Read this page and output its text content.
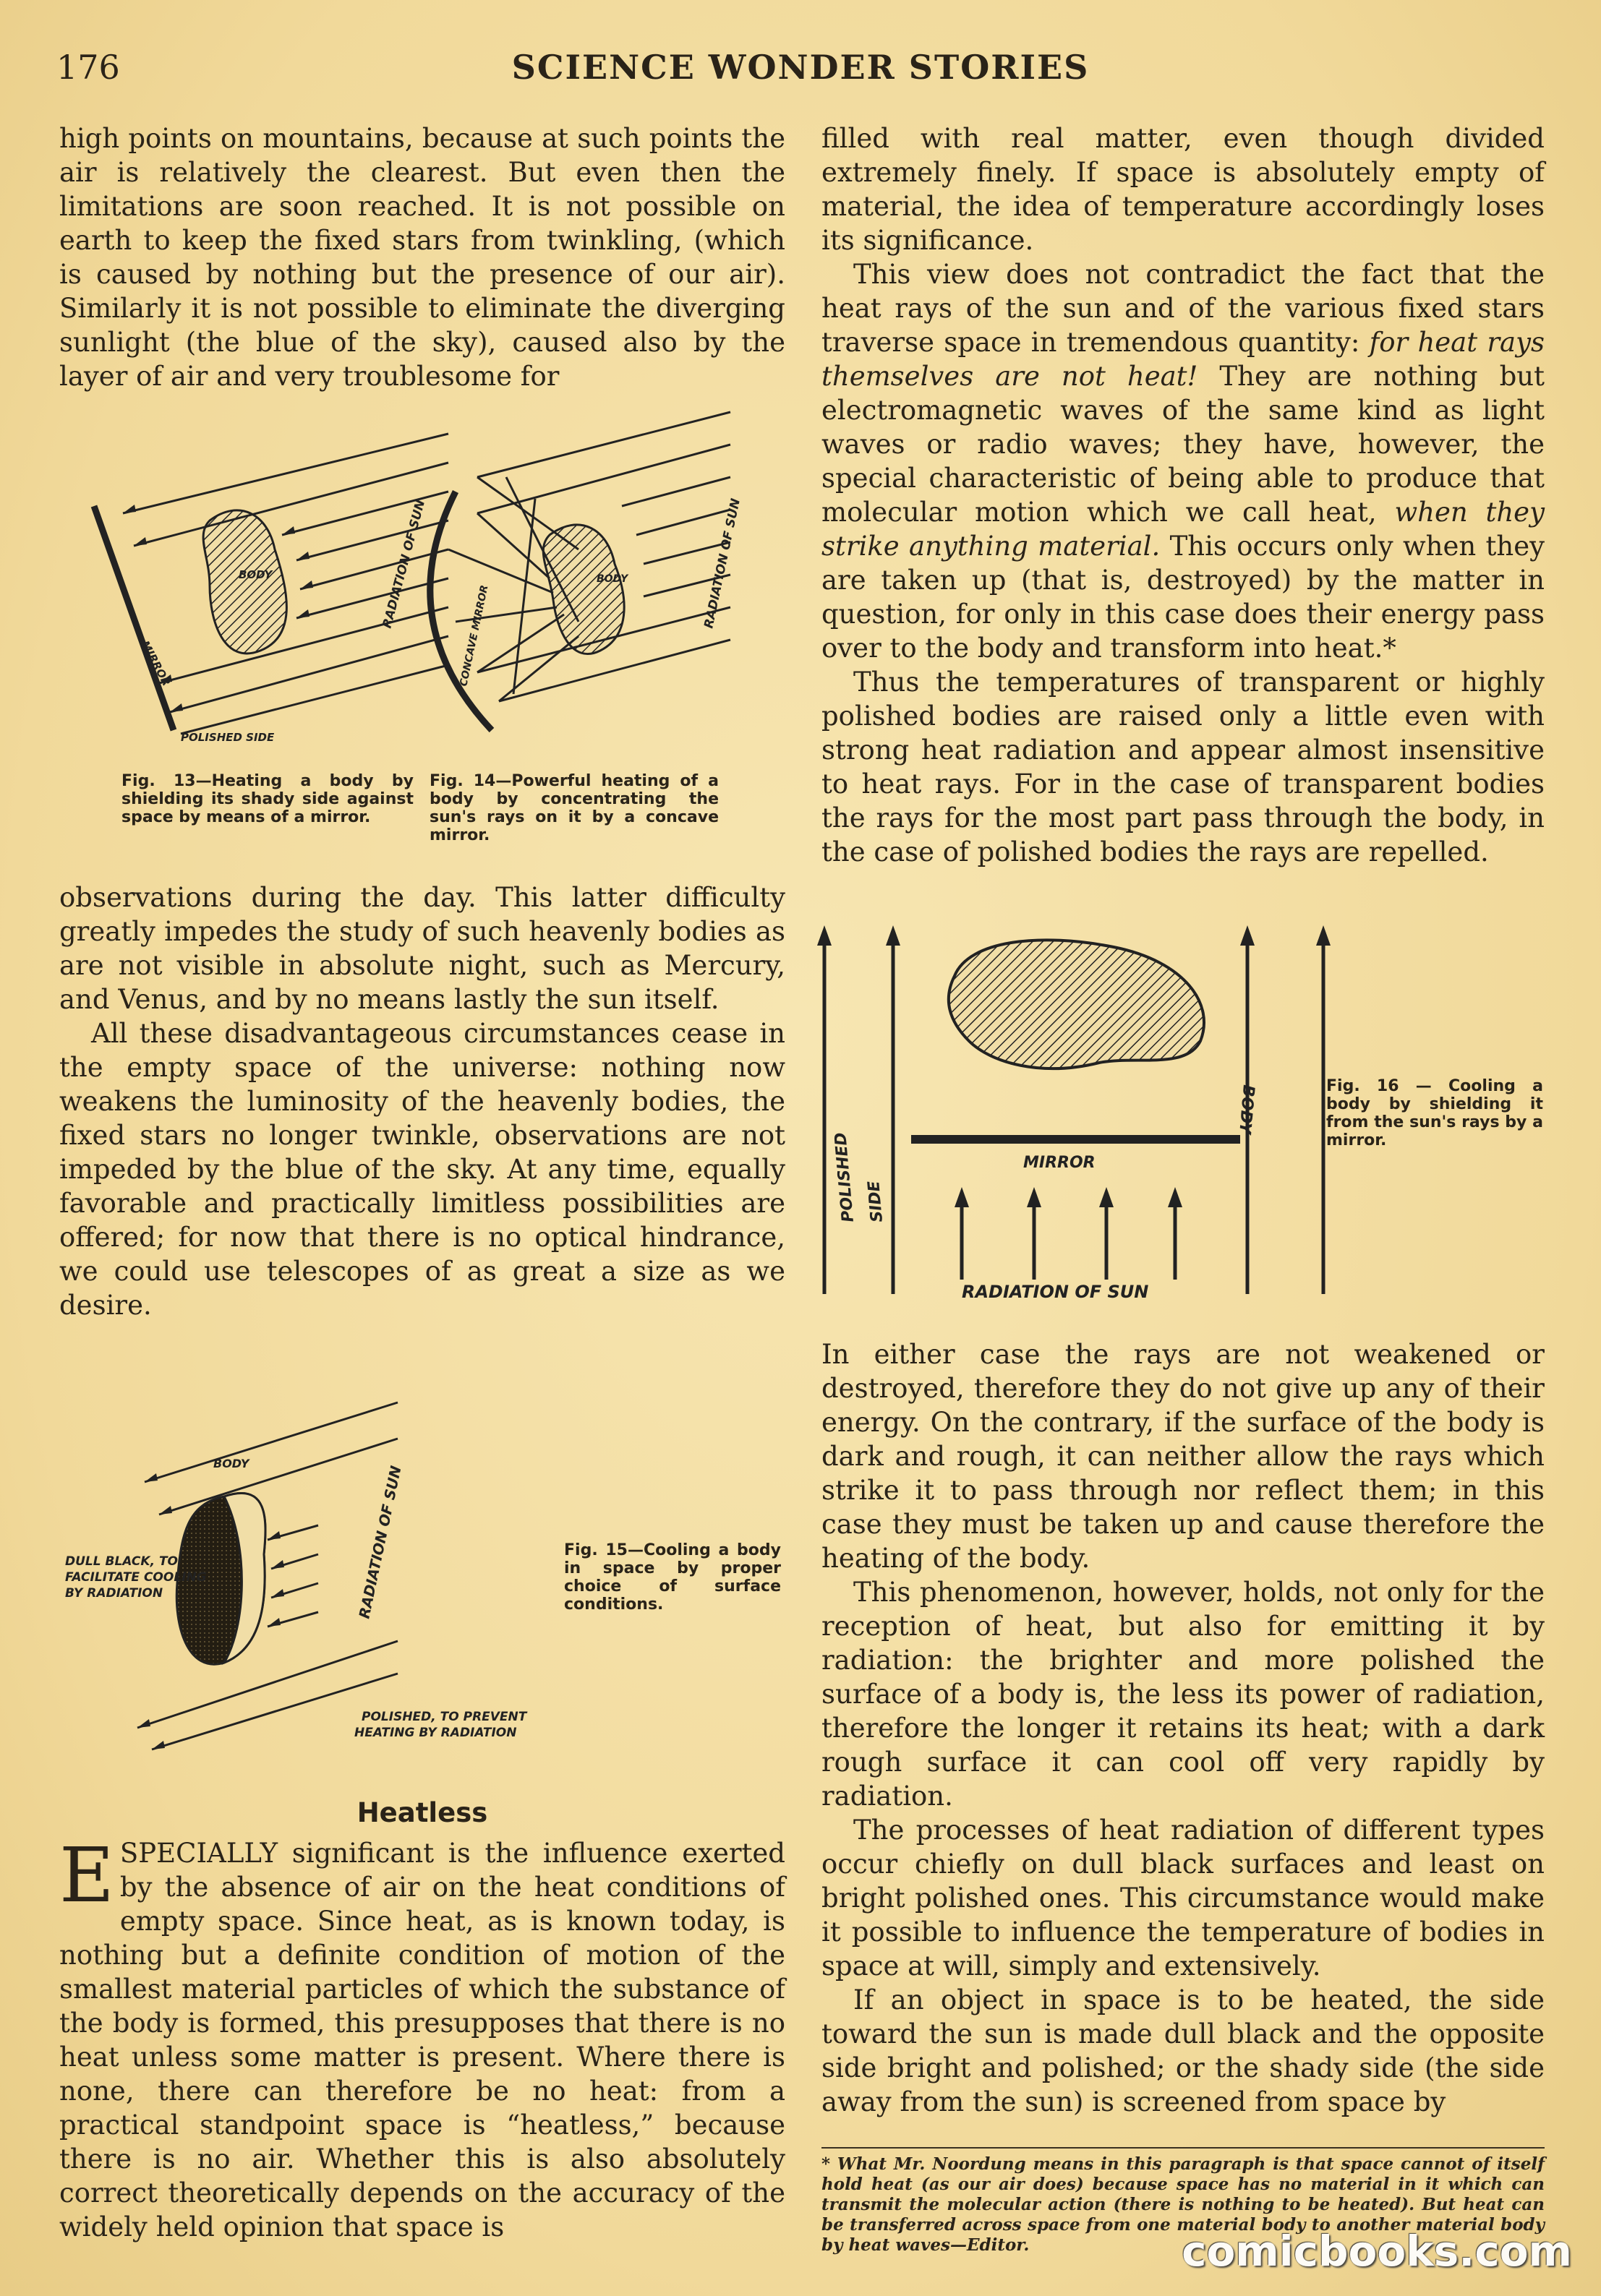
176	SCIENCE WONDER STORIES

high points on mountains, because at such points the air is relatively the clearest. But even then the limitations are soon reached. It is not possible on earth to keep the fixed stars from twinkling, (which is caused by nothing but the presence of our air). Similarly it is not possible to eliminate the diverging sunlight (the blue of the sky), caused also by the layer of air and very troublesome for

BODY
MIRROR
POLISHED SIDE
RADIATION OF SUN	BODY
CONCAVE MIRROR
RADIATION OF SUN
Fig. 13—Heating a body by shielding its shady side against space by means of a mirror.
Fig. 14—Powerful heating of a body by concentrating the sun's rays on it by a concave mirror.

observations during the day. This latter difficulty greatly impedes the study of such heavenly bodies as are not visible in absolute night, such as Mercury, and Venus, and by no means lastly the sun itself.

All these disadvantageous circumstances cease in the empty space of the universe: nothing now weakens the luminosity of the heavenly bodies, the fixed stars no longer twinkle, observations are not impeded by the blue of the sky. At any time, equally favorable and practically limitless possibilities are offered; for now that there is no optical hindrance, we could use telescopes of as great a size as we desire.

BODY
RADIATION OF SUN
DULL BLACK, TO FACILITATE COOLING BY RADIATION
POLISHED, TO PREVENT HEATING BY RADIATION
Fig. 15—Cooling a body in space by proper choice of surface conditions.
Heatless

ESPECIALLY significant is the influence exerted by the absence of air on the heat conditions of empty space. Since heat, as is known today, is nothing but a definite condition of motion of the smallest material particles of which the substance of the body is formed, this presupposes that there is no heat unless some matter is present. Where there is none, there can therefore be no heat: from a practical standpoint space is “heatless,” because there is no air. Whether this is also absolutely correct theoretically depends on the accuracy of the widely held opinion that space is

filled with real matter, even though divided extremely finely. If space is absolutely empty of material, the idea of temperature accordingly loses its significance.

This view does not contradict the fact that the heat rays of the sun and of the various fixed stars traverse space in tremendous quantity: for heat rays themselves are not heat! They are nothing but electromagnetic waves of the same kind as light waves or radio waves; they have, however, the special characteristic of being able to produce that molecular motion which we call heat, when they strike anything material. This occurs only when they are taken up (that is, destroyed) by the matter in question, for only in this case does their energy pass over to the body and transform into heat.*

Thus the temperatures of transparent or highly polished bodies are raised only a little even with strong heat radiation and appear almost insensitive to heat rays. For in the case of transparent bodies the rays for the most part pass through the body, in the case of polished bodies the rays are repelled.

BODY
MIRROR
POLISHED SIDE
RADIATION OF SUN
Fig. 16 — Cooling a body by shielding it from the sun's rays by a mirror.

In either case the rays are not weakened or destroyed, therefore they do not give up any of their energy. On the contrary, if the surface of the body is dark and rough, it can neither allow the rays which strike it to pass through nor reflect them; in this case they must be taken up and cause therefore the heating of the body.

This phenomenon, however, holds, not only for the reception of heat, but also for emitting it by radiation: the brighter and more polished the surface of a body is, the less its power of radiation, therefore the longer it retains its heat; with a dark rough surface it can cool off very rapidly by radiation.

The processes of heat radiation of different types occur chiefly on dull black surfaces and least on bright polished ones. This circumstance would make it possible to influence the temperature of bodies in space at will, simply and extensively.

If an object in space is to be heated, the side toward the sun is made dull black and the opposite side bright and polished; or the shady side (the side away from the sun) is screened from space by

* What Mr. Noordung means in this paragraph is that space cannot of itself hold heat (as our air does) because space has no material in it which can transmit the molecular action (there is nothing to be heated). But heat can be transferred across space from one material body to another material body by heat waves—Editor.	comicbooks.com
